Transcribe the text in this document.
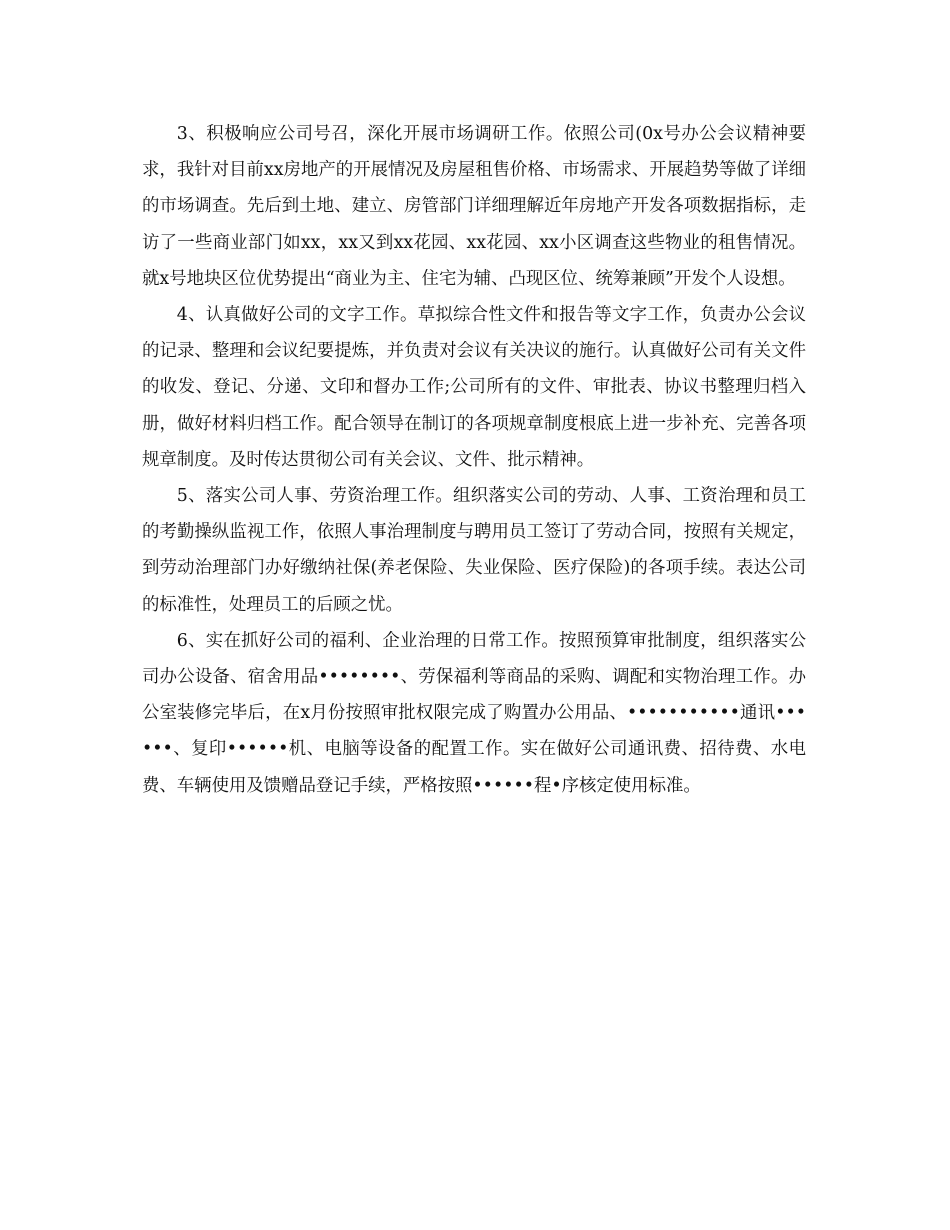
3、积极响应公司号召，深化开展市场调研工作。依照公司(0x号办公会议精神要求，我针对目前xx房地产的开展情况及房屋租售价格、市场需求、开展趋势等做了详细的市场调查。先后到土地、建立、房管部门详细理解近年房地产开发各项数据指标，走访了一些商业部门如xx，xx又到xx花园、xx花园、xx小区调查这些物业的租售情况。就x号地块区位优势提出“商业为主、住宅为辅、凸现区位、统筹兼顾”开发个人设想。

4、认真做好公司的文字工作。草拟综合性文件和报告等文字工作，负责办公会议的记录、整理和会议纪要提炼，并负责对会议有关决议的施行。认真做好公司有关文件的收发、登记、分递、文印和督办工作;公司所有的文件、审批表、协议书整理归档入册，做好材料归档工作。配合领导在制订的各项规章制度根底上进一步补充、完善各项规章制度。及时传达贯彻公司有关会议、文件、批示精神。

5、落实公司人事、劳资治理工作。组织落实公司的劳动、人事、工资治理和员工的考勤操纵监视工作，依照人事治理制度与聘用员工签订了劳动合同，按照有关规定，到劳动治理部门办好缴纳社保(养老保险、失业保险、医疗保险)的各项手续。表达公司的标准性，处理员工的后顾之忧。

6、实在抓好公司的福利、企业治理的日常工作。按照预算审批制度，组织落实公司办公设备、宿舍用品••••••••、劳保福利等商品的采购、调配和实物治理工作。办公室装修完毕后，在x月份按照审批权限完成了购置办公用品、•••••••••••通讯••••••、复印••••••机、电脑等设备的配置工作。实在做好公司通讯费、招待费、水电费、车辆使用及馈赠品登记手续，严格按照••••••程•序核定使用标准。
